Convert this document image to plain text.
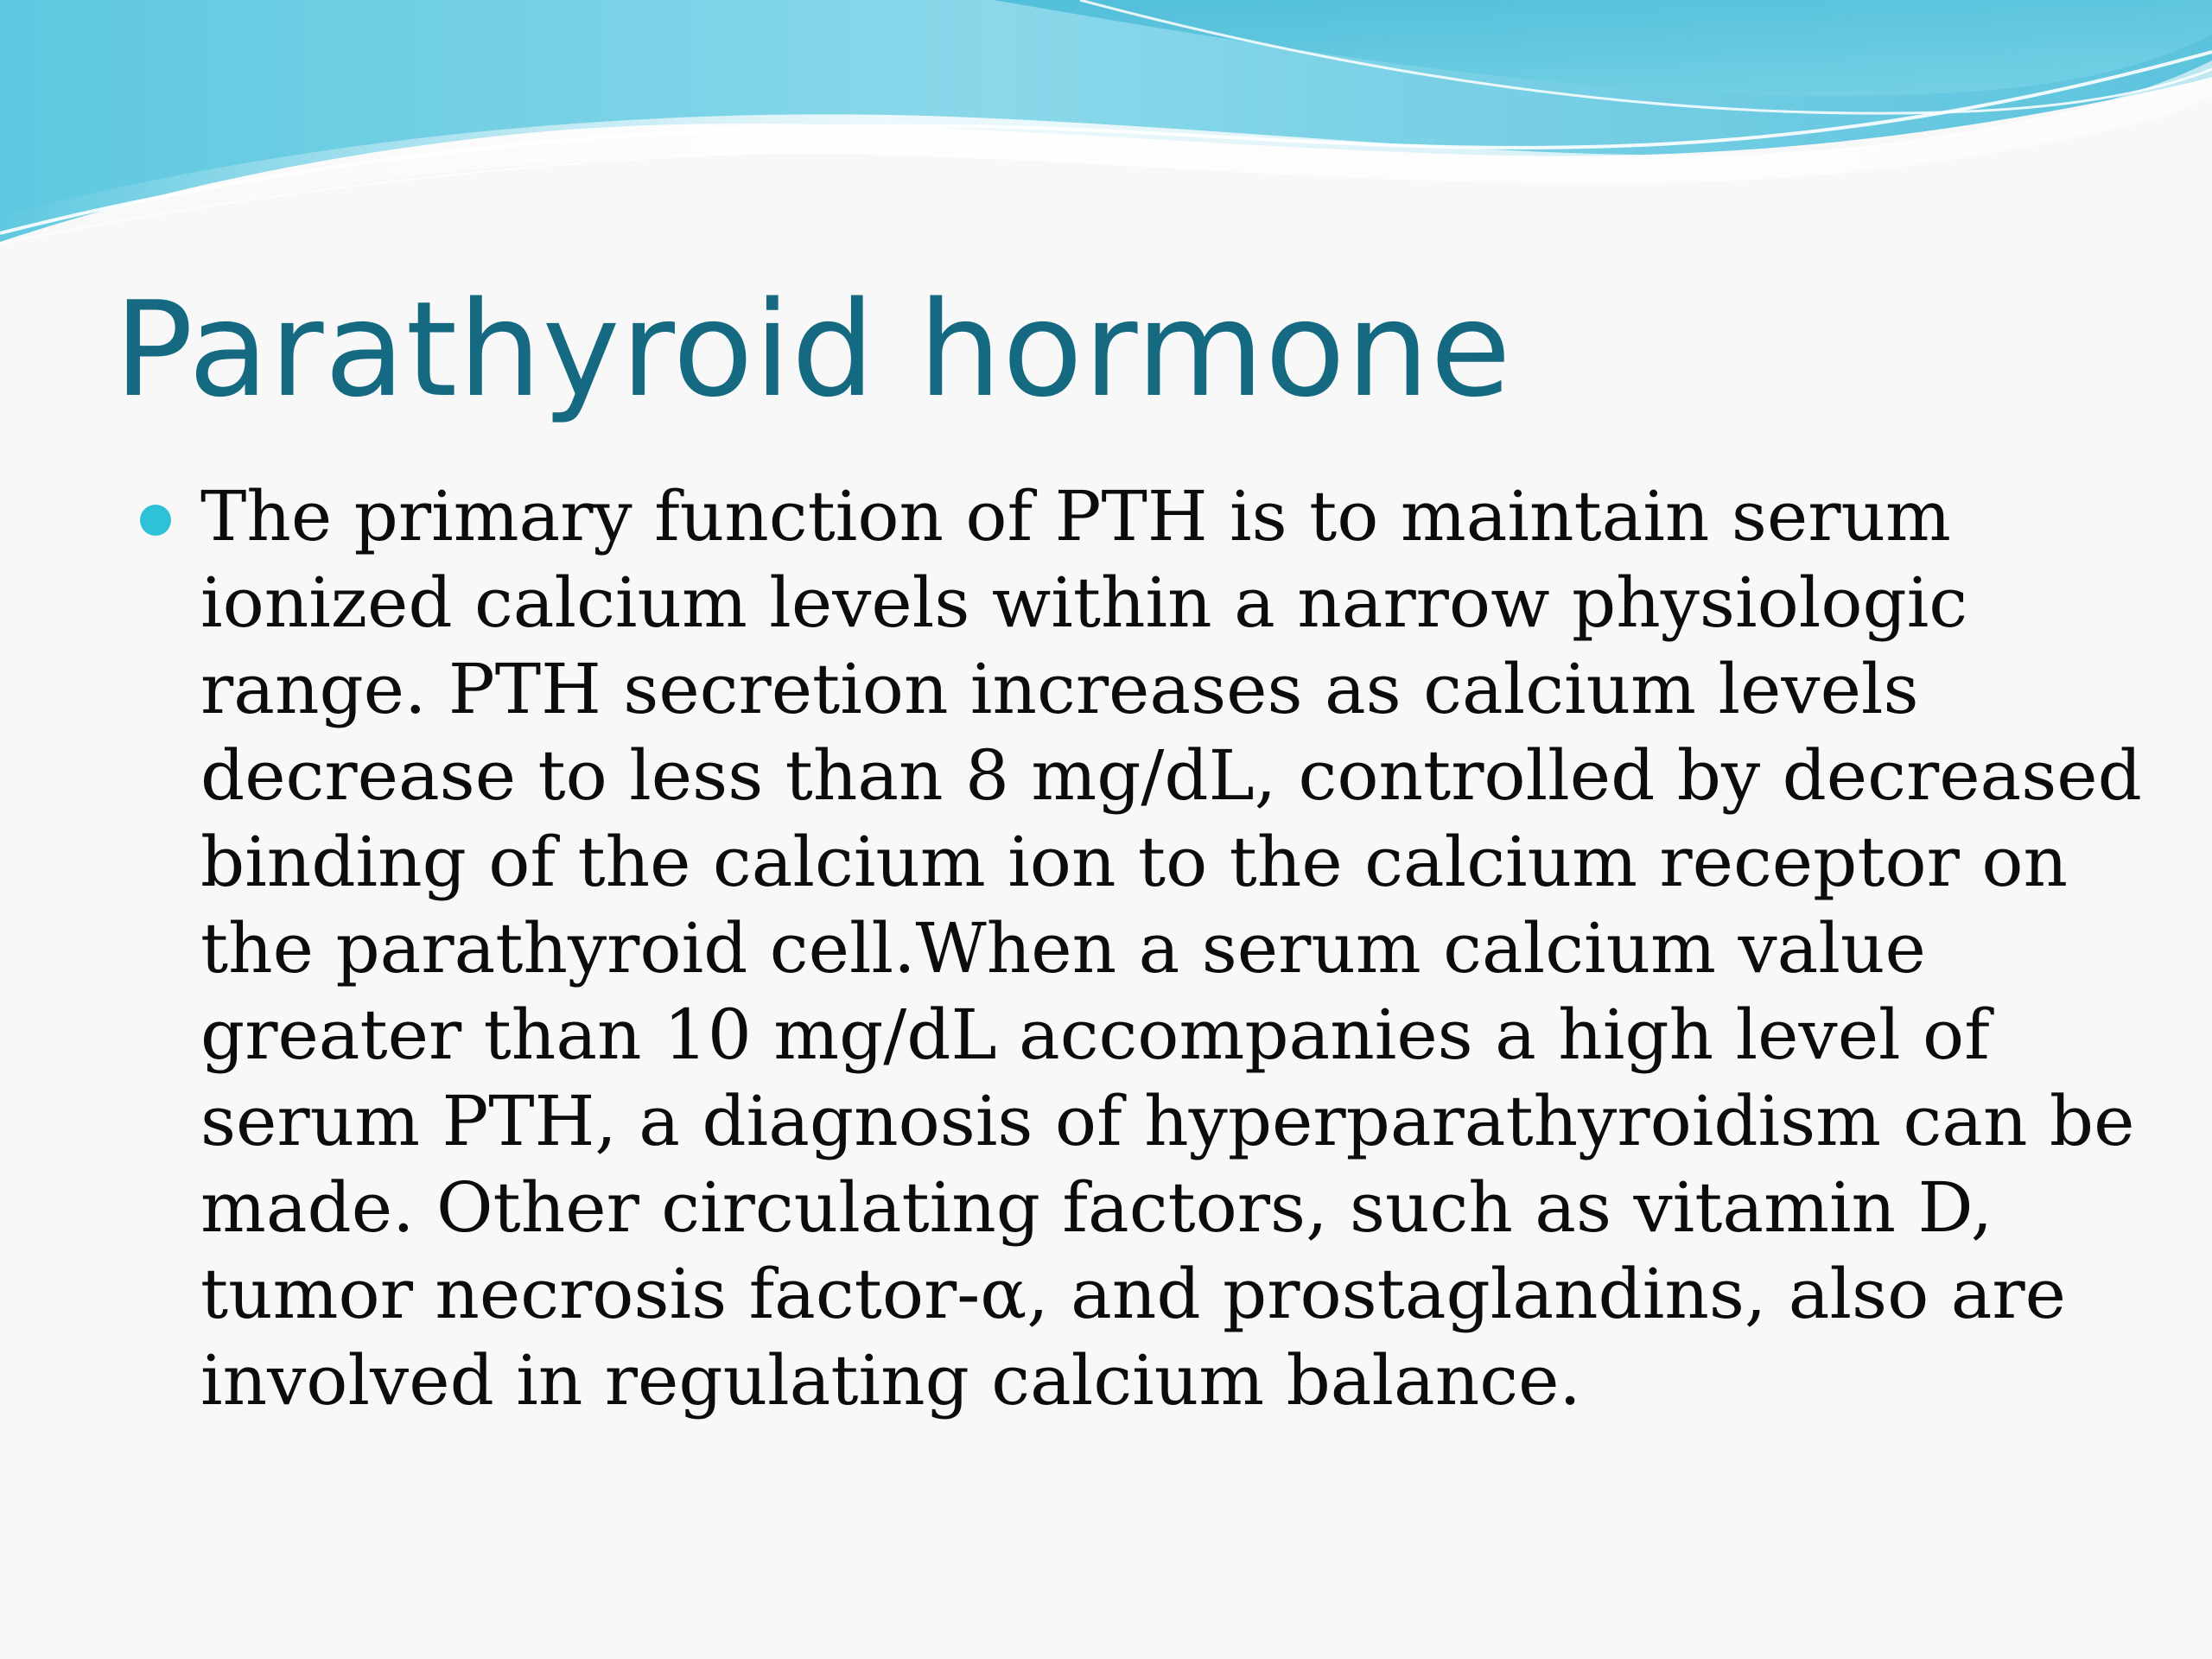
Parathyroid hormone
The primary function of PTH is to maintain serum
ionized calcium levels within a narrow physiologic
range. PTH secretion increases as calcium levels
decrease to less than 8 mg/dL, controlled by decreased
binding of the calcium ion to the calcium receptor on
the parathyroid cell.When a serum calcium value
greater than 10 mg/dL accompanies a high level of
serum PTH, a diagnosis of hyperparathyroidism can be
made. Other circulating factors, such as vitamin D,
tumor necrosis factor-α, and prostaglandins, also are
involved in regulating calcium balance.
